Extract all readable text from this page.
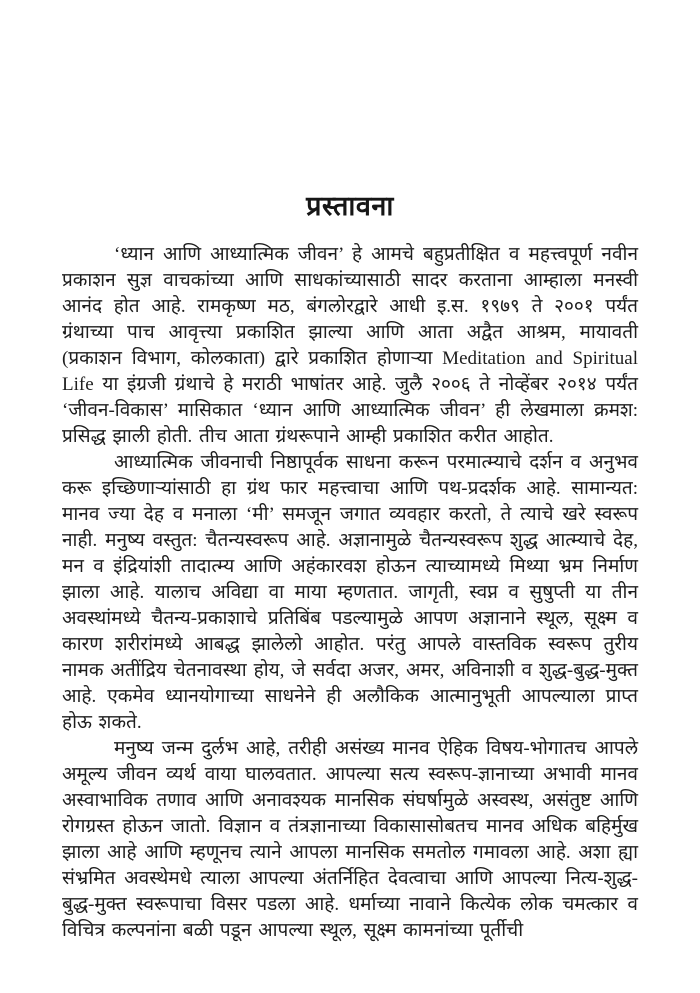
प्रस्तावना

‘ध्यान आणि आध्यात्मिक जीवन’ हे आमचे बहुप्रतीक्षित व महत्त्वपूर्ण नवीन प्रकाशन सुज्ञ वाचकांच्या आणि साधकांच्यासाठी सादर करताना आम्हाला मनस्वी आनंद होत आहे. रामकृष्ण मठ, बंगलोरद्वारे आधी इ.स. १९७९ ते २००१ पर्यंत ग्रंथाच्या पाच आवृत्त्या प्रकाशित झाल्या आणि आता अद्वैत आश्रम, मायावती (प्रकाशन विभाग, कोलकाता) द्वारे प्रकाशित होणाऱ्या Meditation and Spiritual Life या इंग्रजी ग्रंथाचे हे मराठी भाषांतर आहे. जुलै २००६ ते नोव्हेंबर २०१४ पर्यंत ‘जीवन-विकास’ मासिकात ‘ध्यान आणि आध्यात्मिक जीवन’ ही लेखमाला क्रमश: प्रसिद्ध झाली होती. तीच आता ग्रंथरूपाने आम्ही प्रकाशित करीत आहोत.

आध्यात्मिक जीवनाची निष्ठापूर्वक साधना करून परमात्म्याचे दर्शन व अनुभव करू इच्छिणाऱ्यांसाठी हा ग्रंथ फार महत्त्वाचा आणि पथ-प्रदर्शक आहे. सामान्यत: मानव ज्या देह व मनाला ‘मी’ समजून जगात व्यवहार करतो, ते त्याचे खरे स्वरूप नाही. मनुष्य वस्तुत: चैतन्यस्वरूप आहे. अज्ञानामुळे चैतन्यस्वरूप शुद्ध आत्म्याचे देह, मन व इंद्रियांशी तादात्म्य आणि अहंकारवश होऊन त्याच्यामध्ये मिथ्या भ्रम निर्माण झाला आहे. यालाच अविद्या वा माया म्हणतात. जागृती, स्वप्न व सुषुप्ती या तीन अवस्थांमध्ये चैतन्य-प्रकाशाचे प्रतिबिंब पडल्यामुळे आपण अज्ञानाने स्थूल, सूक्ष्म व कारण शरीरांमध्ये आबद्ध झालेलो आहोत. परंतु आपले वास्तविक स्वरूप तुरीय नामक अतींद्रिय चेतनावस्था होय, जे सर्वदा अजर, अमर, अविनाशी व शुद्ध-बुद्ध-मुक्त आहे. एकमेव ध्यानयोगाच्या साधनेने ही अलौकिक आत्मानुभूती आपल्याला प्राप्त होऊ शकते.

मनुष्य जन्म दुर्लभ आहे, तरीही असंख्य मानव ऐहिक विषय-भोगातच आपले अमूल्य जीवन व्यर्थ वाया घालवतात. आपल्या सत्य स्वरूप-ज्ञानाच्या अभावी मानव अस्वाभाविक तणाव आणि अनावश्यक मानसिक संघर्षामुळे अस्वस्थ, असंतुष्ट आणि रोगग्रस्त होऊन जातो. विज्ञान व तंत्रज्ञानाच्या विकासासोबतच मानव अधिक बहिर्मुख झाला आहे आणि म्हणूनच त्याने आपला मानसिक समतोल गमावला आहे. अशा ह्या संभ्रमित अवस्थेमधे त्याला आपल्या अंतर्निहित देवत्वाचा आणि आपल्या नित्य-शुद्ध-बुद्ध-मुक्त स्वरूपाचा विसर पडला आहे. धर्माच्या नावाने कित्येक लोक चमत्कार व विचित्र कल्पनांना बळी पडून आपल्या स्थूल, सूक्ष्म कामनांच्या पूर्तीची
